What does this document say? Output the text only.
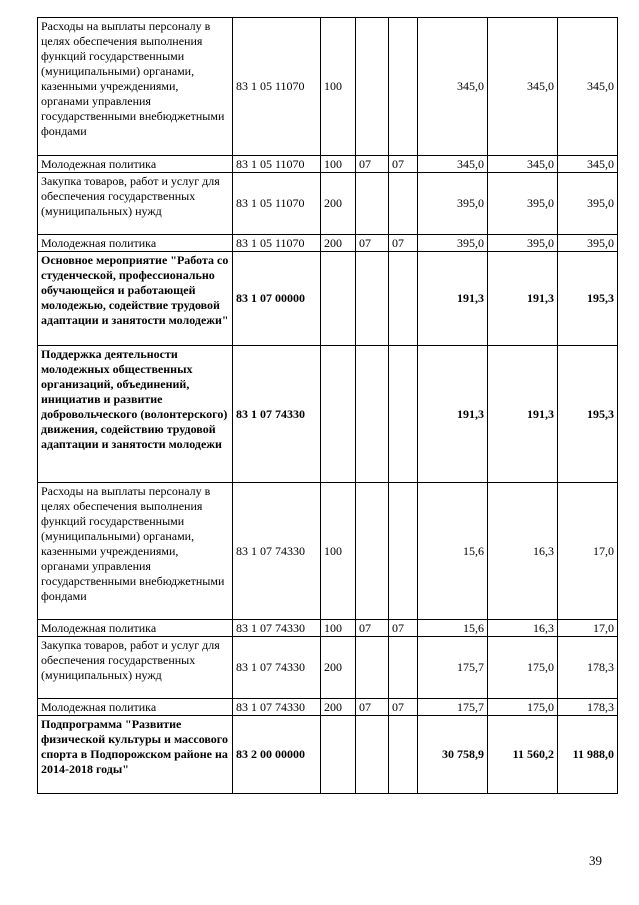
Расходы на выплаты персоналу в целях обеспечения выполнения функций государственными (муниципальными) органами, казенными учреждениями, органами управления государственными внебюджетными фондами	83 1 05 11070	100			345,0	345,0	345,0
Молодежная политика	83 1 05 11070	100	07	07	345,0	345,0	345,0
Закупка товаров, работ и услуг для обеспечения государственных (муниципальных) нужд	83 1 05 11070	200			395,0	395,0	395,0
Молодежная политика	83 1 05 11070	200	07	07	395,0	395,0	395,0
Основное мероприятие "Работа со студенческой, профессионально обучающейся и работающей молодежью, содействие трудовой адаптации и занятости молодежи"	83 1 07 00000				191,3	191,3	195,3
Поддержка деятельности молодежных общественных организаций, объединений, инициатив и развитие добровольческого (волонтерского) движения, содействию трудовой адаптации и занятости молодежи	83 1 07 74330				191,3	191,3	195,3
Расходы на выплаты персоналу в целях обеспечения выполнения функций государственными (муниципальными) органами, казенными учреждениями, органами управления государственными внебюджетными фондами	83 1 07 74330	100			15,6	16,3	17,0
Молодежная политика	83 1 07 74330	100	07	07	15,6	16,3	17,0
Закупка товаров, работ и услуг для обеспечения государственных (муниципальных) нужд	83 1 07 74330	200			175,7	175,0	178,3
Молодежная политика	83 1 07 74330	200	07	07	175,7	175,0	178,3
Подпрограмма "Развитие физической культуры и массового спорта в Подпорожском районе на 2014-2018 годы"	83 2 00 00000				30 758,9	11 560,2	11 988,0
39
